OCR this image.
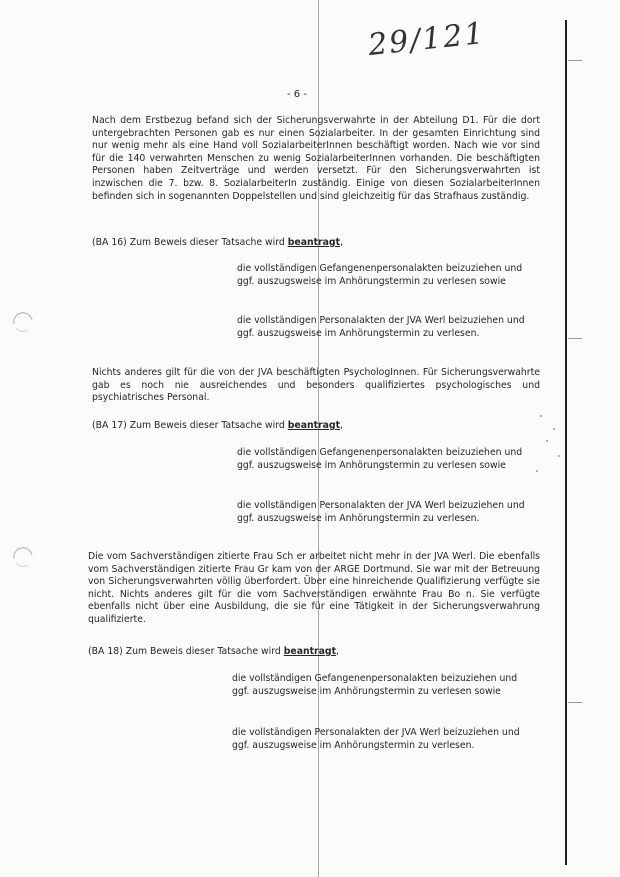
29/121
- 6 -

Nach dem Erstbezug befand sich der Sicherungsverwahrte in der Abteilung D1. Für die dort untergebrachten Personen gab es nur einen Sozialarbeiter. In der gesamten Einrichtung sind nur wenig mehr als eine Hand voll SozialarbeiterInnen beschäftigt worden. Nach wie vor sind für die 140 verwahrten Menschen zu wenig SozialarbeiterInnen vorhanden. Die beschäftigten Personen haben Zeitverträge und werden versetzt. Für den Sicherungsverwahrten ist inzwischen die 7. bzw. 8. SozialarbeiterIn zuständig. Einige von diesen SozialarbeiterInnen befinden sich in sogenannten Doppelstellen und sind gleichzeitig für das Strafhaus zuständig.

(BA 16) Zum Beweis dieser Tatsache wird beantragt,

die vollständigen Gefangenenpersonalakten beizuziehen und ggf. auszugsweise im Anhörungstermin zu verlesen sowie

die vollständigen Personalakten der JVA Werl beizuziehen und ggf. auszugsweise im Anhörungstermin zu verlesen.

Nichts anderes gilt für die von der JVA beschäftigten PsychologInnen. Für Sicherungsverwahrte gab es noch nie ausreichendes und besonders qualifiziertes psychologisches und psychiatrisches Personal.

(BA 17) Zum Beweis dieser Tatsache wird beantragt,

die vollständigen Gefangenenpersonalakten beizuziehen und ggf. auszugsweise im Anhörungstermin zu verlesen sowie

die vollständigen Personalakten der JVA Werl beizuziehen und ggf. auszugsweise im Anhörungstermin zu verlesen.

Die vom Sachverständigen zitierte Frau Sch er arbeitet nicht mehr in der JVA Werl. Die ebenfalls vom Sachverständigen zitierte Frau Gr kam von der ARGE Dortmund. Sie war mit der Betreuung von Sicherungsverwahrten völlig überfordert. Über eine hinreichende Qualifizierung verfügte sie nicht. Nichts anderes gilt für die vom Sachverständigen erwähnte Frau Bo n. Sie verfügte ebenfalls nicht über eine Ausbildung, die sie für eine Tätigkeit in der Sicherungsverwahrung qualifizierte.

(BA 18) Zum Beweis dieser Tatsache wird beantragt,

die vollständigen Gefangenenpersonalakten beizuziehen und ggf. auszugsweise im Anhörungstermin zu verlesen sowie

die vollständigen Personalakten der JVA Werl beizuziehen und ggf. auszugsweise im Anhörungstermin zu verlesen.
